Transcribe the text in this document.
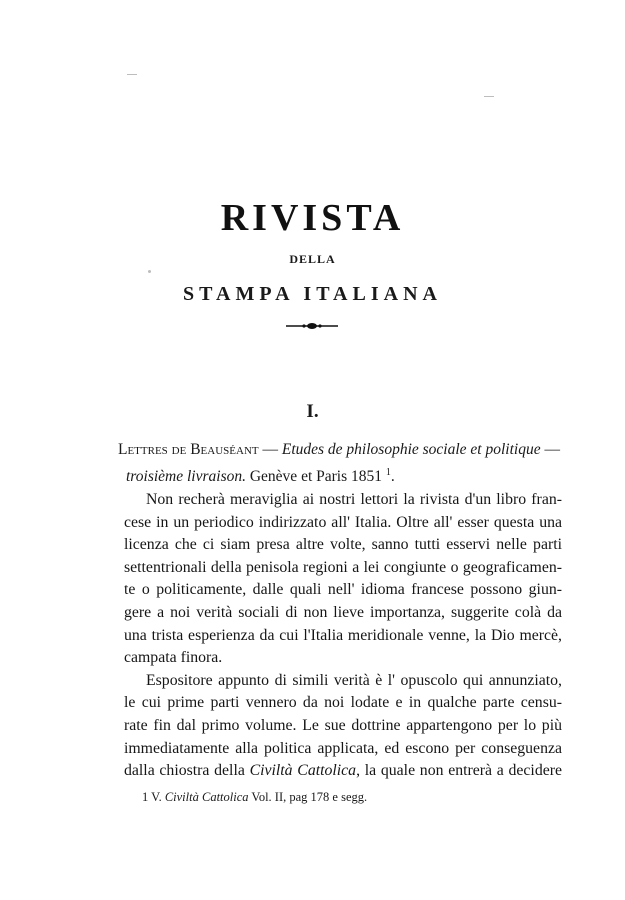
RIVISTA
DELLA
STAMPA ITALIANA
I.
Lettres de Beauséant — Etudes de philosophie sociale et politique —
troisième livraison. Genève et Paris 1851 $^1$.
Non recherà meraviglia ai nostri lettori la rivista d'un libro fran-
cese in un periodico indirizzato all' Italia. Oltre all' esser questa una
licenza che ci siam presa altre volte, sanno tutti esservi nelle parti
settentrionali della penisola regioni a lei congiunte o geograficamen-
te o politicamente, dalle quali nell' idioma francese possono giun-
gere a noi verità sociali di non lieve importanza, suggerite colà da
una trista esperienza da cui l'Italia meridionale venne, la Dio mercè,
campata finora.
Espositore appunto di simili verità è l' opuscolo qui annunziato,
le cui prime parti vennero da noi lodate e in qualche parte censu-
rate fin dal primo volume. Le sue dottrine appartengono per lo più
immediatamente alla politica applicata, ed escono per conseguenza
dalla chiostra della Civiltà Cattolica, la quale non entrerà a decidere
1 V. Civiltà Cattolica Vol. II, pag 178 e segg.
